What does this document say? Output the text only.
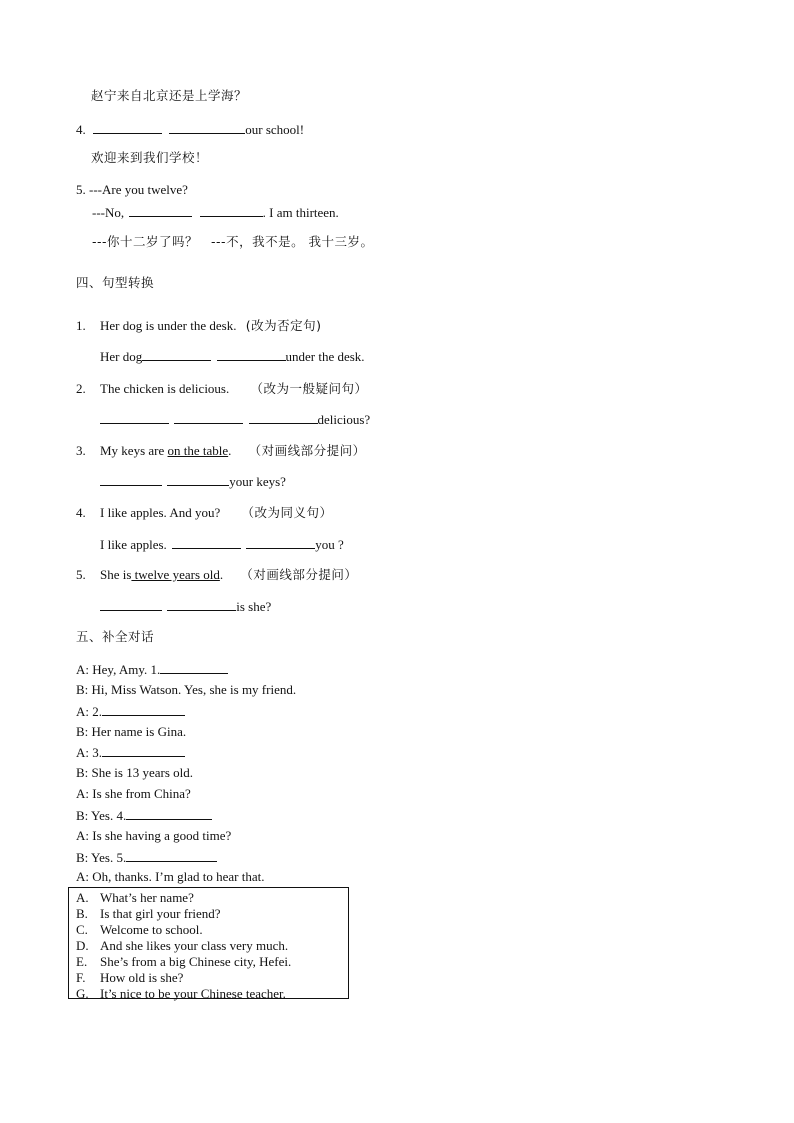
赵宁来自北京还是上学海？
4.	our school!
欢迎来到我们学校！
5. ---Are you twelve?
---No,	. I am thirteen.
---你十二岁了吗？　---不，我不是。 我十三岁。
四、句型转换
1. Her dog is under the desk. (改为否定句)
Her dog	under the desk.
2. The chicken is delicious. （改为一般疑问句）
delicious?
3. My keys are on the table. （对画线部分提问）
your keys?
4. I like apples. And you? （改为同义句）
I like apples.	you ?
5. She is twelve years old. （对画线部分提问）
is she?
五、补全对话
A: Hey, Amy. 1.
B: Hi, Miss Watson. Yes, she is my friend.
A: 2.
B: Her name is Gina.
A: 3.
B: She is 13 years old.
A: Is she from China?
B: Yes. 4.
A: Is she having a good time?
B: Yes. 5.
A: Oh, thanks. I’m glad to hear that.
A. What’s her name?
B. Is that girl your friend?
C. Welcome to school.
D. And she likes your class very much.
E. She’s from a big Chinese city, Hefei.
F. How old is she?
G. It’s nice to be your Chinese teacher.
